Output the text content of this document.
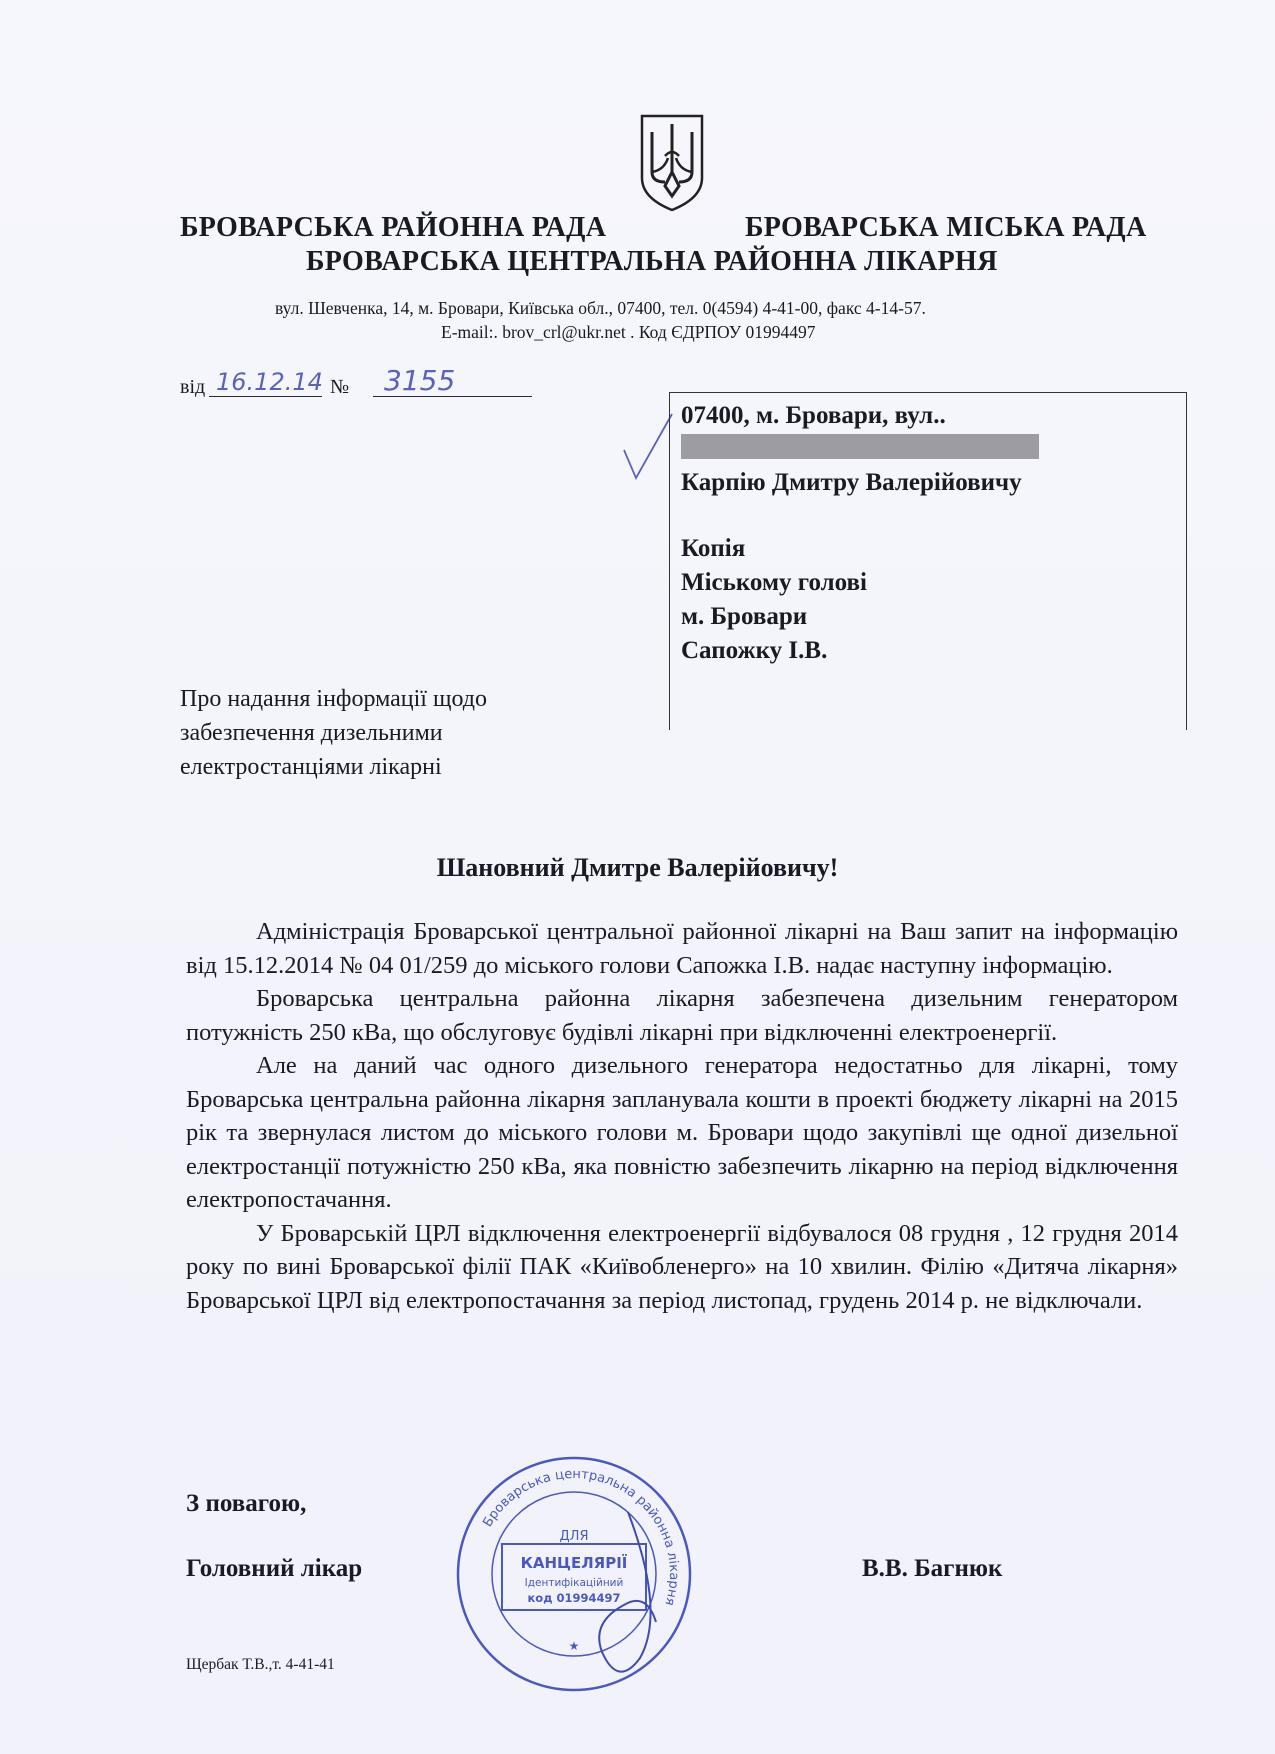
БРОВАРСЬКА РАЙОННА РАДА	БРОВАРСЬКА МІСЬКА РАДА
БРОВАРСЬКА ЦЕНТРАЛЬНА РАЙОННА ЛІКАРНЯ
вул. Шевченка, 14, м. Бровари, Київська обл., 07400, тел. 0(4594) 4-41-00, факс 4-14-57.
E-mail:. brov_crl@ukr.net . Код ЄДРПОУ 01994497
від 16.12.14 № 3155
07400, м. Бровари, вул..
Карпію Дмитру Валерійовичу
Копія
Міському голові
м. Бровари
Сапожку І.В.
Про надання інформації щодо
забезпечення дизельними
електростанціями лікарні
Шановний Дмитре Валерійовичу!

Адміністрація Броварської центральної районної лікарні на Ваш запит на інформацію від 15.12.2014 № 04 01/259 до міського голови Сапожка І.В. надає наступну інформацію.

Броварська центральна районна лікарня забезпечена дизельним генератором потужність 250 кВа, що обслуговує будівлі лікарні при відключенні електроенергії.

Але на даний час одного дизельного генератора недостатньо для лікарні, тому Броварська центральна районна лікарня запланувала кошти в проекті бюджету лікарні на 2015 рік та звернулася листом до міського голови м. Бровари щодо закупівлі ще одної дизельної електростанції потужністю 250 кВа, яка повністю забезпечить лікарню на період відключення електропостачання.

У Броварській ЦРЛ відключення електроенергії відбувалося 08 грудня , 12 грудня 2014 року по вині Броварської філії ПАК «Київобленерго» на 10 хвилин. Філію «Дитяча лікарня» Броварської ЦРЛ від електропостачання за період листопад, грудень 2014 р. не відключали.

З повагою,
Головний лікар	В.В. Багнюк
Броварська центральна районна лікарня
ДЛЯ
КАНЦЕЛЯРІЇ
Ідентифікаційний
код 01994497
★
Щербак Т.В.,т. 4-41-41
